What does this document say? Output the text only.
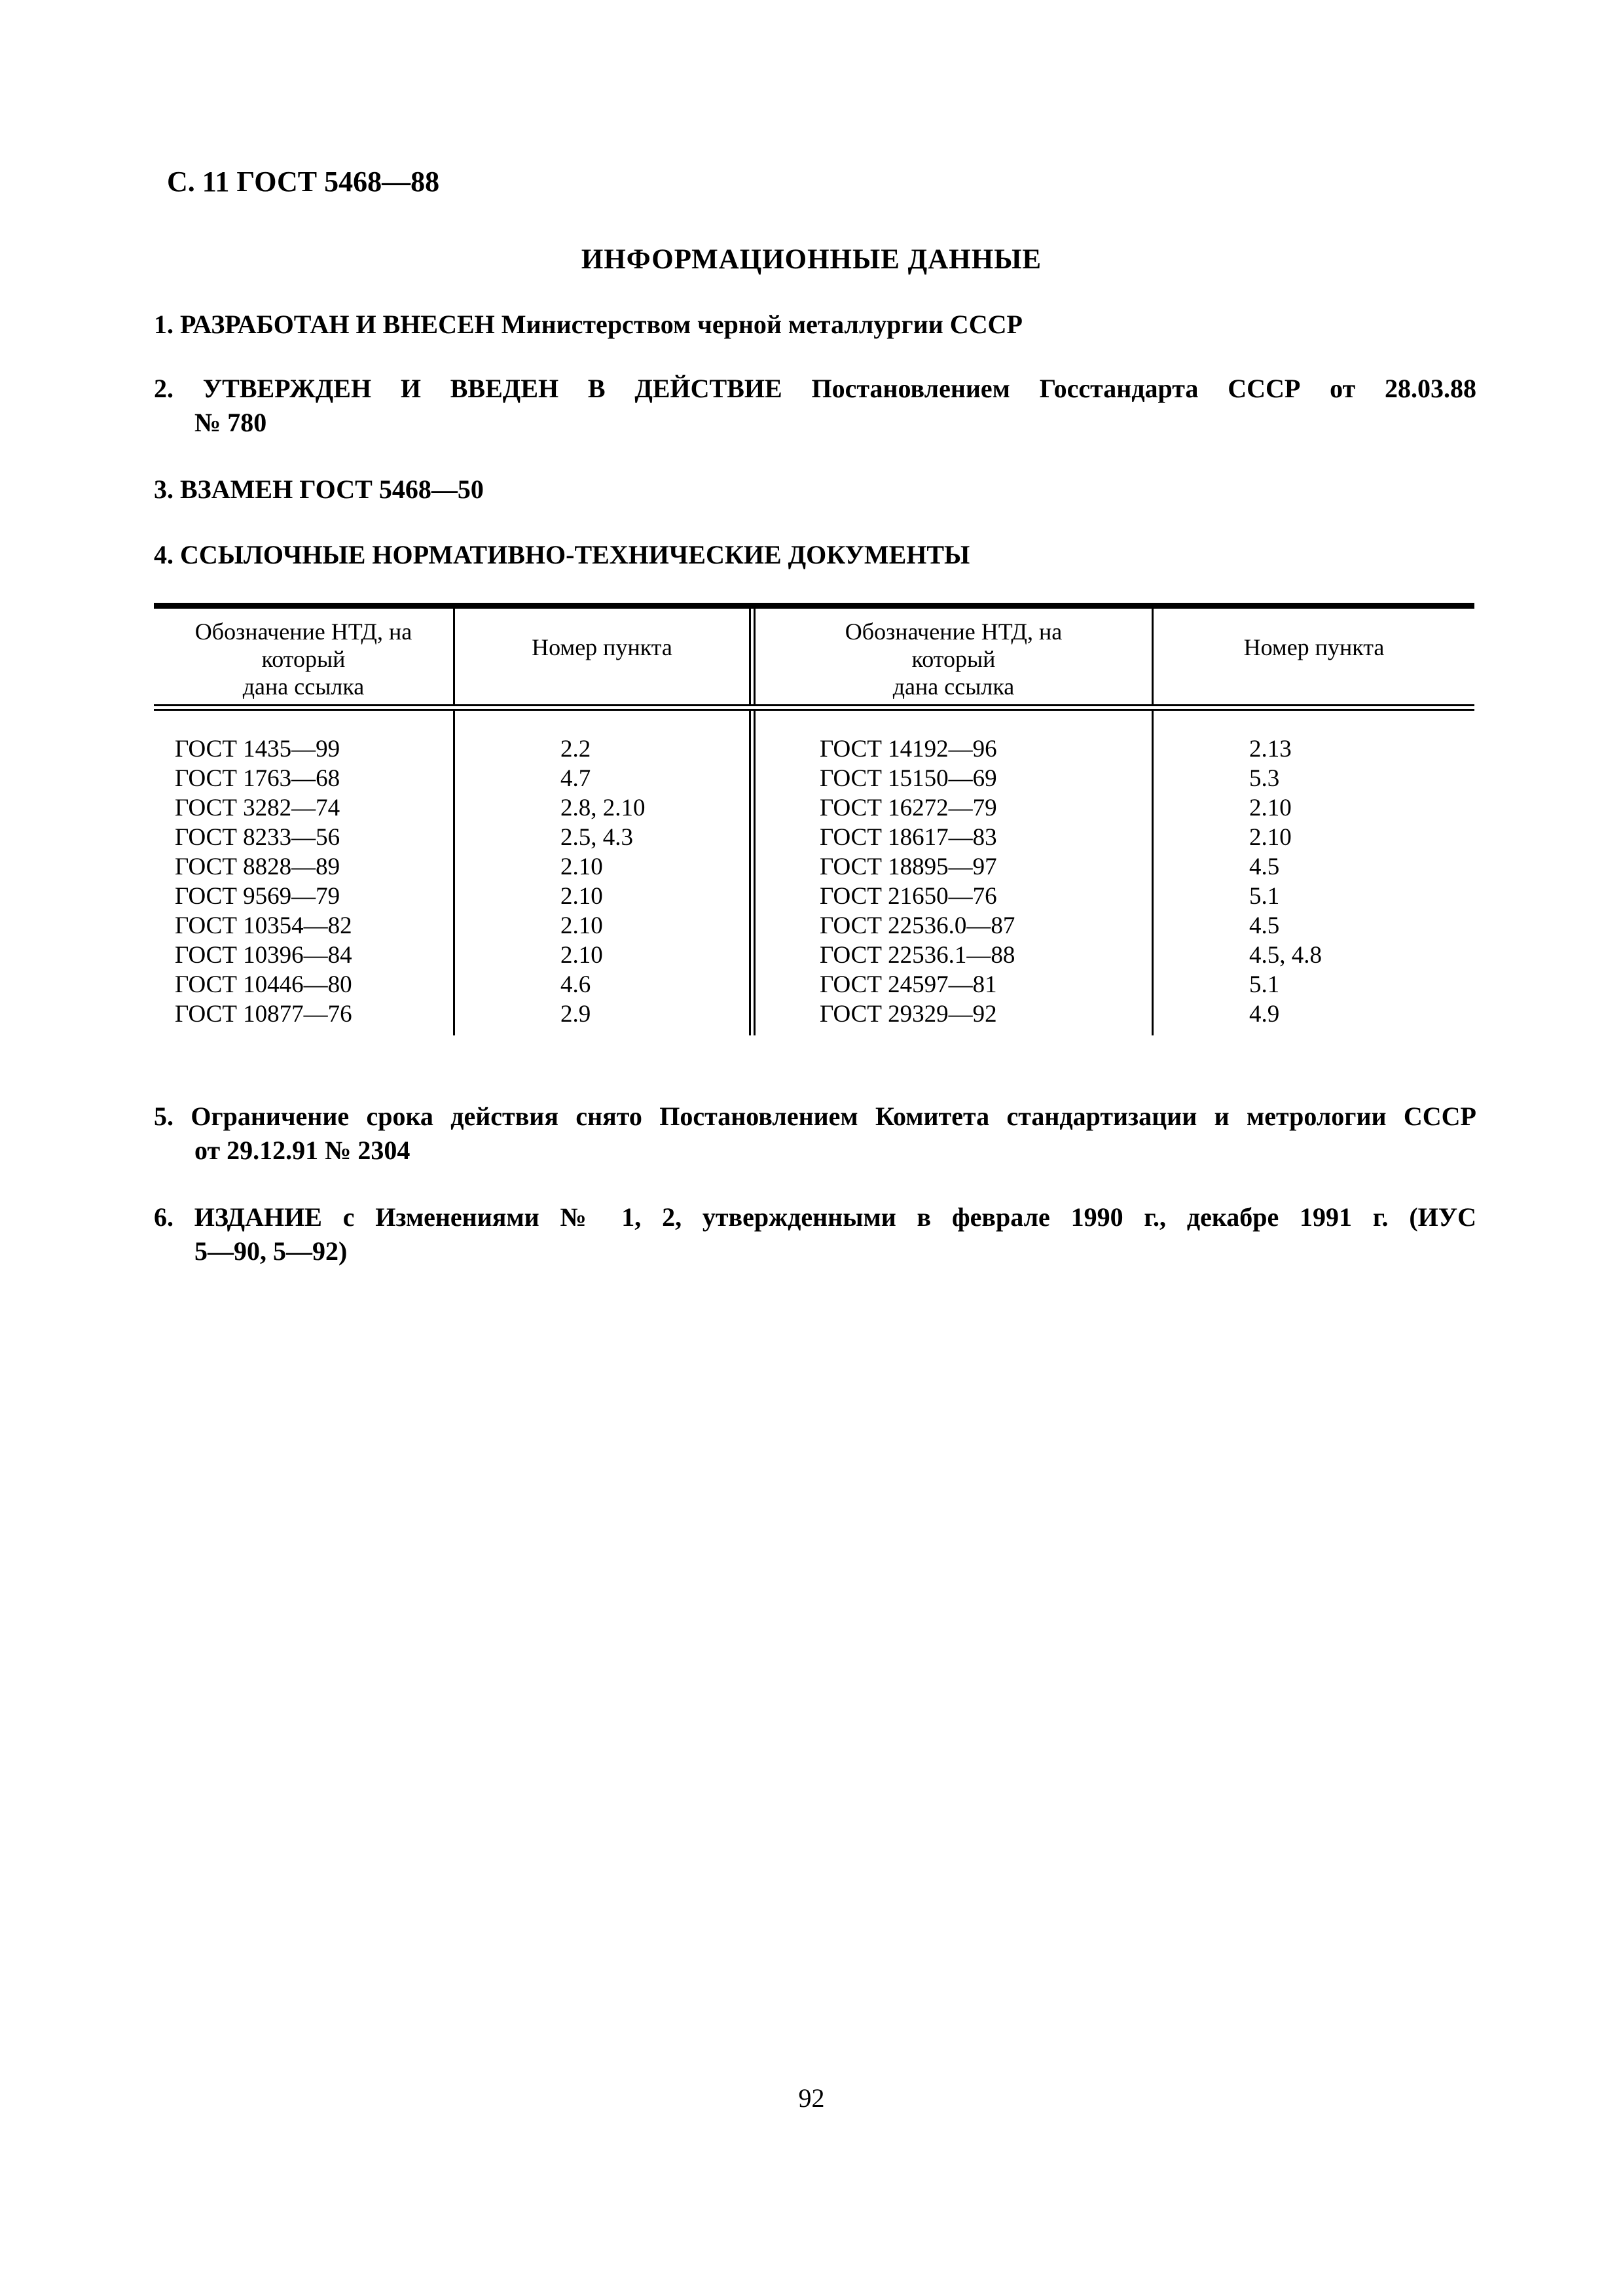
С. 11 ГОСТ 5468—88
ИНФОРМАЦИОННЫЕ ДАННЫЕ
1. РАЗРАБОТАН И ВНЕСЕН Министерством черной металлургии СССР
2. УТВЕРЖДЕН И ВВЕДЕН В ДЕЙСТВИЕ Постановлением Госстандарта СССР от 28.03.88
№ 780
3. ВЗАМЕН ГОСТ 5468—50
4. ССЫЛОЧНЫЕ НОРМАТИВНО-ТЕХНИЧЕСКИЕ ДОКУМЕНТЫ
Обозначение НТД, на
который
дана ссылка
Номер пункта
Обозначение НТД, на
который
дана ссылка
Номер пункта
ГОСТ 1435—99
ГОСТ 1763—68
ГОСТ 3282—74
ГОСТ 8233—56
ГОСТ 8828—89
ГОСТ 9569—79
ГОСТ 10354—82
ГОСТ 10396—84
ГОСТ 10446—80
ГОСТ 10877—76
2.2
4.7
2.8, 2.10
2.5, 4.3
2.10
2.10
2.10
2.10
4.6
2.9
ГОСТ 14192—96
ГОСТ 15150—69
ГОСТ 16272—79
ГОСТ 18617—83
ГОСТ 18895—97
ГОСТ 21650—76
ГОСТ 22536.0—87
ГОСТ 22536.1—88
ГОСТ 24597—81
ГОСТ 29329—92
2.13
5.3
2.10
2.10
4.5
5.1
4.5
4.5, 4.8
5.1
4.9
5. Ограничение срока действия снято Постановлением Комитета стандартизации и метрологии СССР
от 29.12.91 № 2304
6. ИЗДАНИЕ с Изменениями № 1, 2, утвержденными в феврале 1990 г., декабре 1991 г. (ИУС
5—90, 5—92)
92
